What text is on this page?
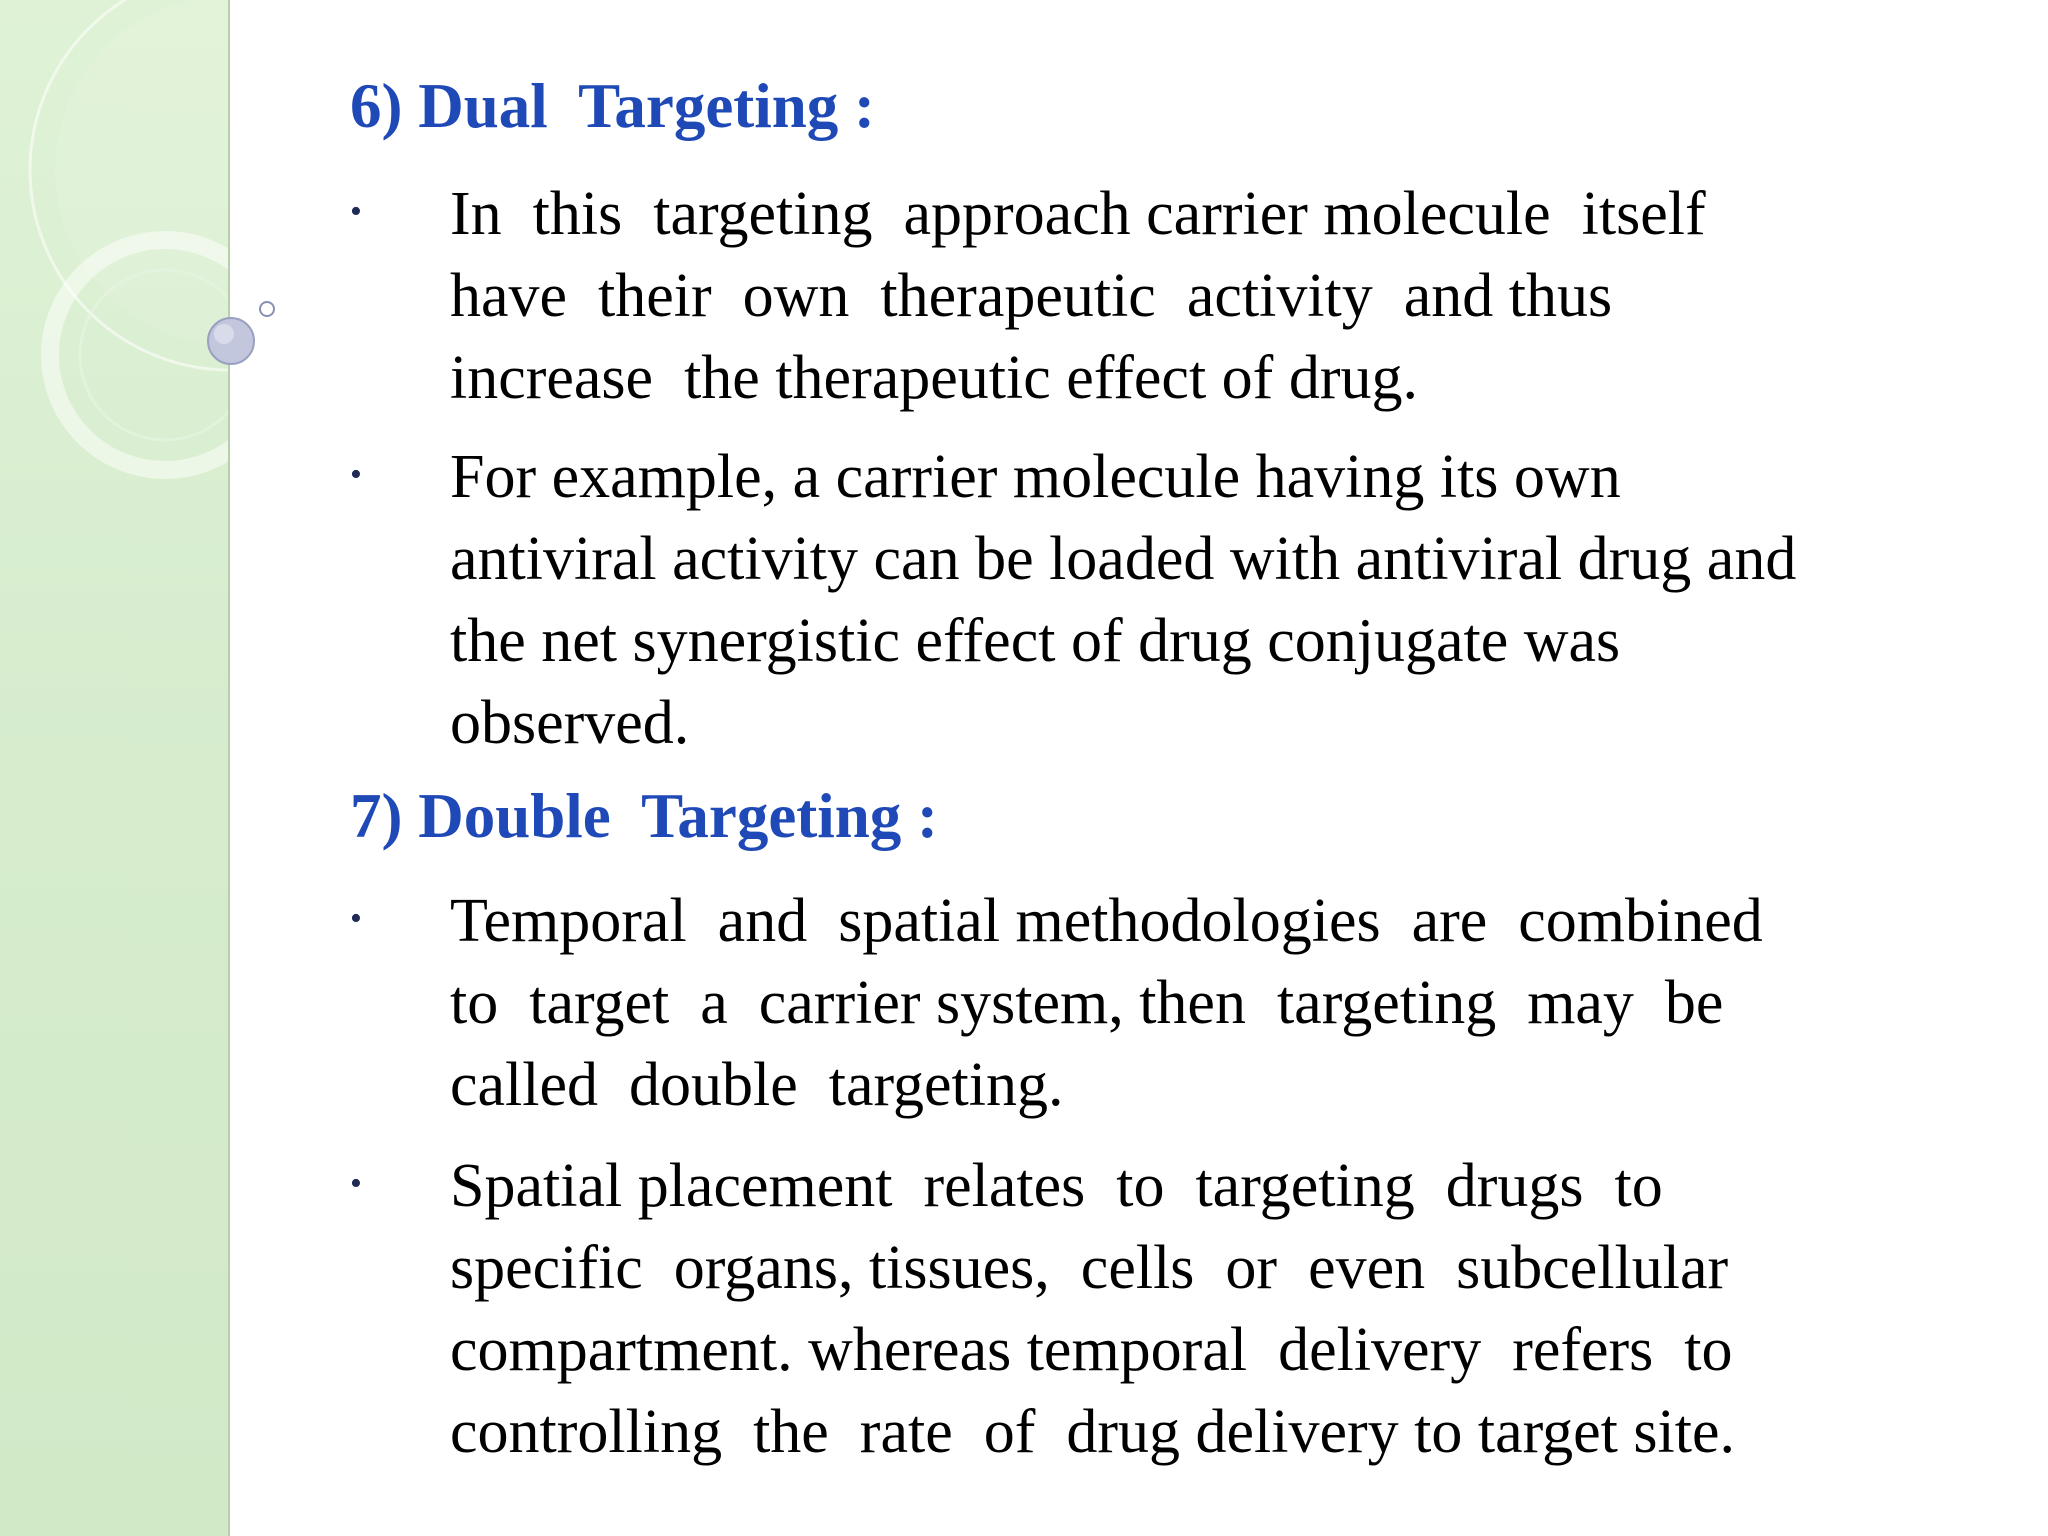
6) Dual  Targeting :
• In  this  targeting  approach carrier molecule  itself
have  their  own  therapeutic  activity  and thus
increase  the therapeutic effect of drug.
• For example, a carrier molecule having its own
antiviral activity can be loaded with antiviral drug and
the net synergistic effect of drug conjugate was
observed.
7) Double  Targeting :
• Temporal  and  spatial methodologies  are  combined
to  target  a  carrier system, then  targeting  may  be
called  double  targeting.
• Spatial placement  relates  to  targeting  drugs  to
specific  organs, tissues,  cells  or  even  subcellular
compartment. whereas temporal  delivery  refers  to
controlling  the  rate  of  drug delivery to target site.
